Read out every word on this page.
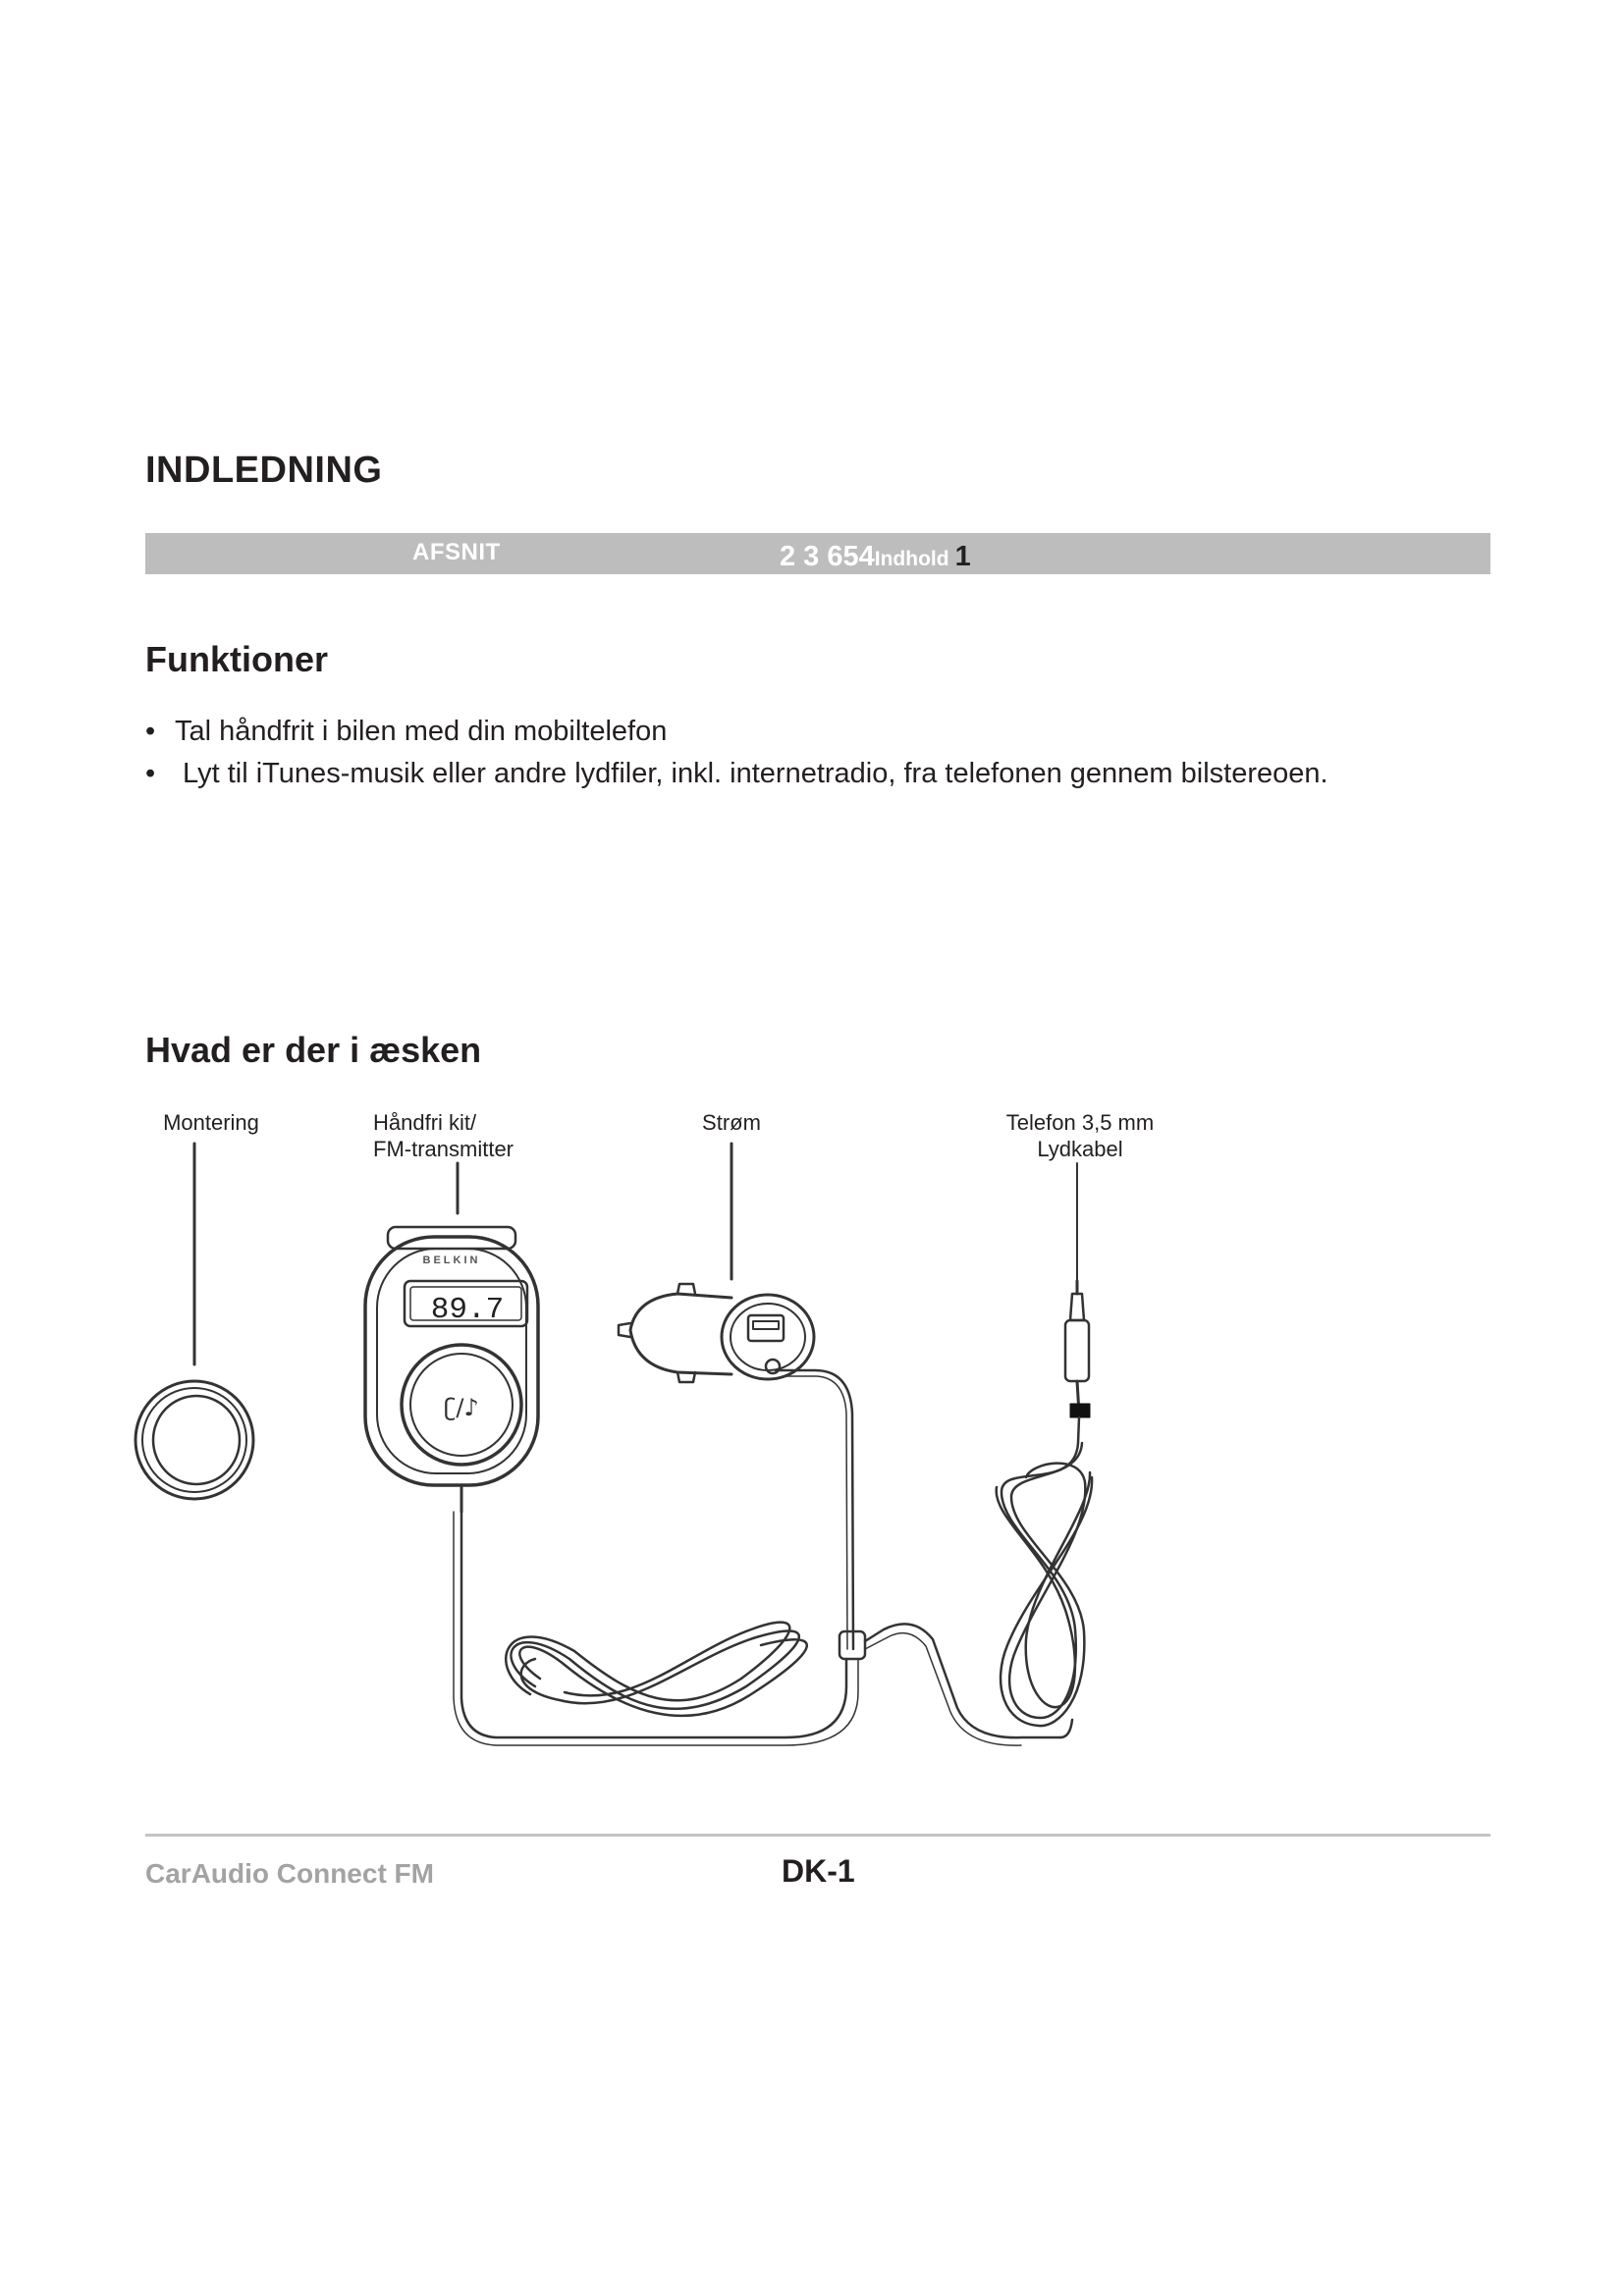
INDLEDNING
AFSNIT	2 3 654Indhold 1
Funktioner
• Tal håndfrit i bilen med din mobiltelefon
• Lyt til iTunes-musik eller andre lydfiler, inkl. internetradio, fra telefonen gennem bilstereoen.
Hvad er der i æsken
Montering	Håndfri kit/
FM-transmitter
Strøm	Telefon 3,5 mm
Lydkabel
BELKIN
89.7
ʗ/♪
CarAudio Connect FM	DK-1
